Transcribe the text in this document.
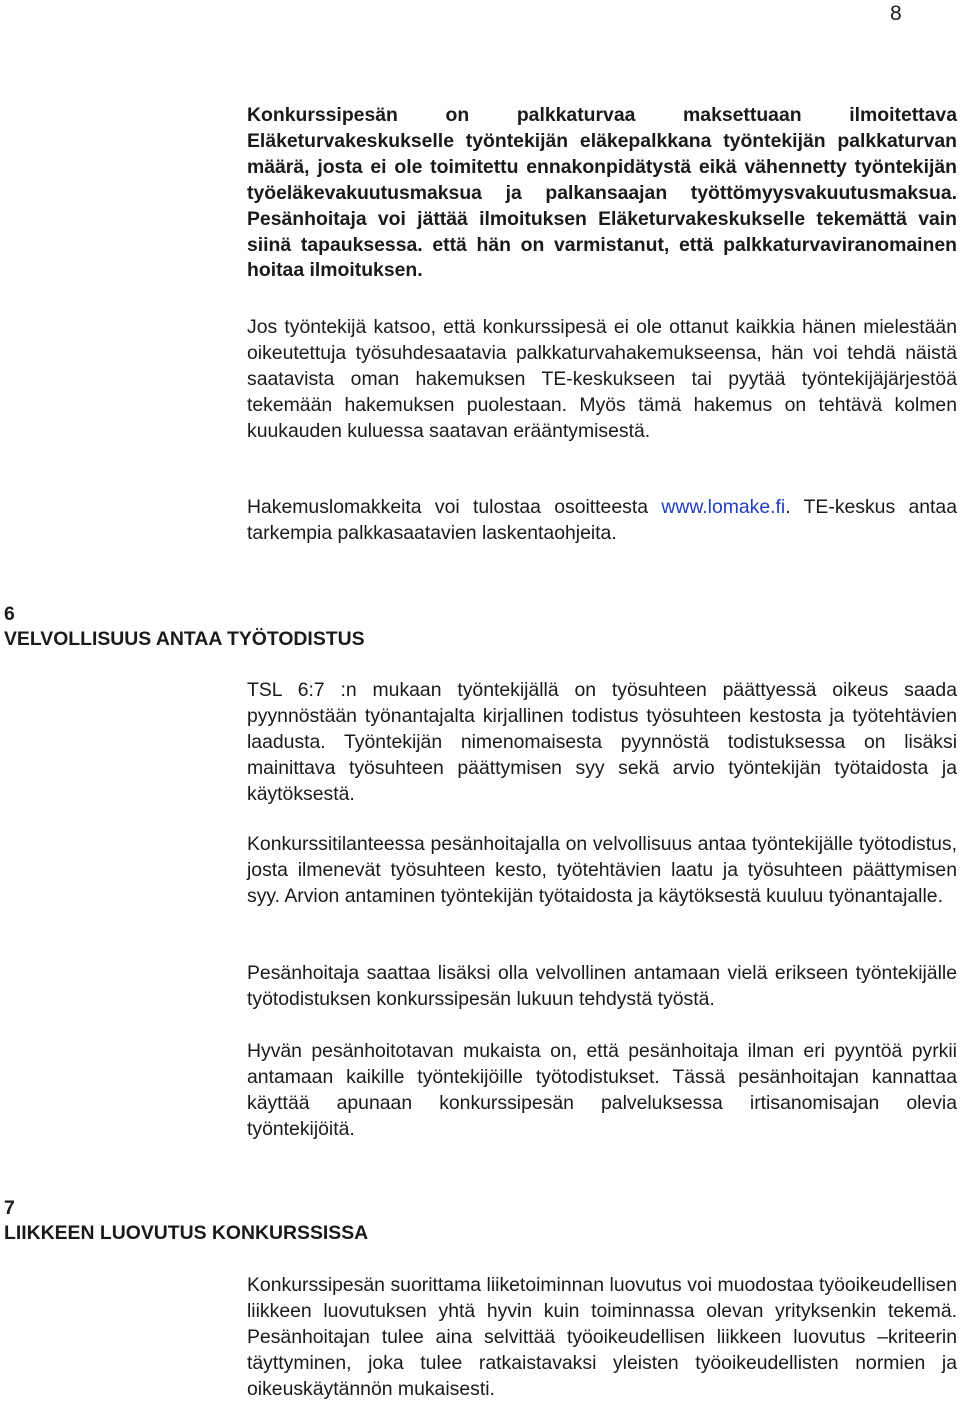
8

Konkurssipesän on palkkaturvaa maksettuaan ilmoitettava Eläketurvakeskukselle työntekijän eläkepalkkana työntekijän palkkaturvan määrä, josta ei ole toimitettu ennakonpidätystä eikä vähennetty työntekijän työeläkevakuutusmaksua ja palkansaajan työttömyysvakuutusmaksua. Pesänhoitaja voi jättää ilmoituksen Eläketurvakeskukselle tekemättä vain siinä tapauksessa. että hän on varmistanut, että palkkaturvaviranomainen hoitaa ilmoituksen.

Jos työntekijä katsoo, että konkurssipesä ei ole ottanut kaikkia hänen mielestään oikeutettuja työsuhdesaatavia palkkaturvahakemukseensa, hän voi tehdä näistä saatavista oman hakemuksen TE-keskukseen tai pyytää työntekijäjärjestöä tekemään hakemuksen puolestaan. Myös tämä hakemus on tehtävä kolmen kuukauden kuluessa saatavan erääntymisestä.

Hakemuslomakkeita voi tulostaa osoitteesta www.lomake.fi. TE-keskus antaa tarkempia palkkasaatavien laskentaohjeita.

6
VELVOLLISUUS ANTAA TYÖTODISTUS

TSL 6:7 :n mukaan työntekijällä on työsuhteen päättyessä oikeus saada pyynnöstään työnantajalta kirjallinen todistus työsuhteen kestosta ja työtehtävien laadusta. Työntekijän nimenomaisesta pyynnöstä todistuksessa on lisäksi mainittava työsuhteen päättymisen syy sekä arvio työntekijän työtaidosta ja käytöksestä.

Konkurssitilanteessa pesänhoitajalla on velvollisuus antaa työntekijälle työtodistus, josta ilmenevät työsuhteen kesto, työtehtävien laatu ja työsuhteen päättymisen syy. Arvion antaminen työntekijän työtaidosta ja käytöksestä kuuluu työnantajalle.

Pesänhoitaja saattaa lisäksi olla velvollinen antamaan vielä erikseen työntekijälle työtodistuksen konkurssipesän lukuun tehdystä työstä.

Hyvän pesänhoitotavan mukaista on, että pesänhoitaja ilman eri pyyntöä pyrkii antamaan kaikille työntekijöille työtodistukset. Tässä pesänhoitajan kannattaa käyttää apunaan konkurssipesän palveluksessa irtisanomisajan olevia työntekijöitä.

7
LIIKKEEN LUOVUTUS KONKURSSISSA

Konkurssipesän suorittama liiketoiminnan luovutus voi muodostaa työoikeudellisen liikkeen luovutuksen yhtä hyvin kuin toiminnassa olevan yrityksenkin tekemä. Pesänhoitajan tulee aina selvittää työoikeudellisen liikkeen luovutus –kriteerin täyttyminen, joka tulee ratkaistavaksi yleisten työoikeudellisten normien ja oikeuskäytännön mukaisesti.
